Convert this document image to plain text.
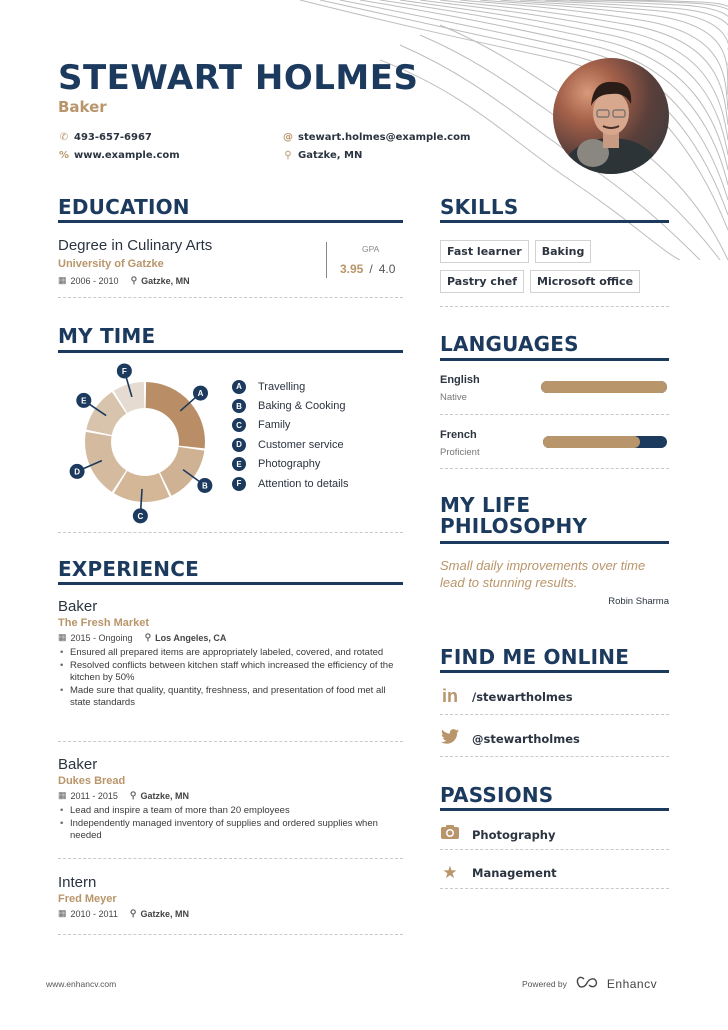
STEWART HOLMES
Baker
✆ 493-657-6967
% www.example.com
@ stewart.holmes@example.com
⚲ Gatzke, MN
EDUCATION
Degree in Culinary Arts
University of Gatzke
▦ 2006 - 2010 ⚲ Gatzke, MN
GPA
3.95 / 4.0
MY TIME
A
B
C
D
E
F
A	Travelling
B	Baking & Cooking
C	Family
D	Customer service
E	Photography
F	Attention to details
EXPERIENCE
Baker
The Fresh Market
▦ 2015 - Ongoing ⚲ Los Angeles, CA
• Ensured all prepared items are appropriately labeled, covered, and rotated
• Resolved conflicts between kitchen staff which increased the efficiency of the kitchen by 50%
• Made sure that quality, quantity, freshness, and presentation of food met all state standards
Baker
Dukes Bread
▦ 2011 - 2015 ⚲ Gatzke, MN
• Lead and inspire a team of more than 20 employees
• Independently managed inventory of supplies and ordered supplies when needed
Intern
Fred Meyer
▦ 2010 - 2011 ⚲ Gatzke, MN
SKILLS
Fast learner BakingPastry chef Microsoft office
LANGUAGES
English
Native
French
Proficient
MY LIFE
PHILOSOPHY
Small daily improvements over time lead to stunning results.
Robin Sharma
FIND ME ONLINE
in /stewartholmes
@stewartholmes
PASSIONS
Photography
★ Management
www.enhancv.com	Powered by	Enhancv
